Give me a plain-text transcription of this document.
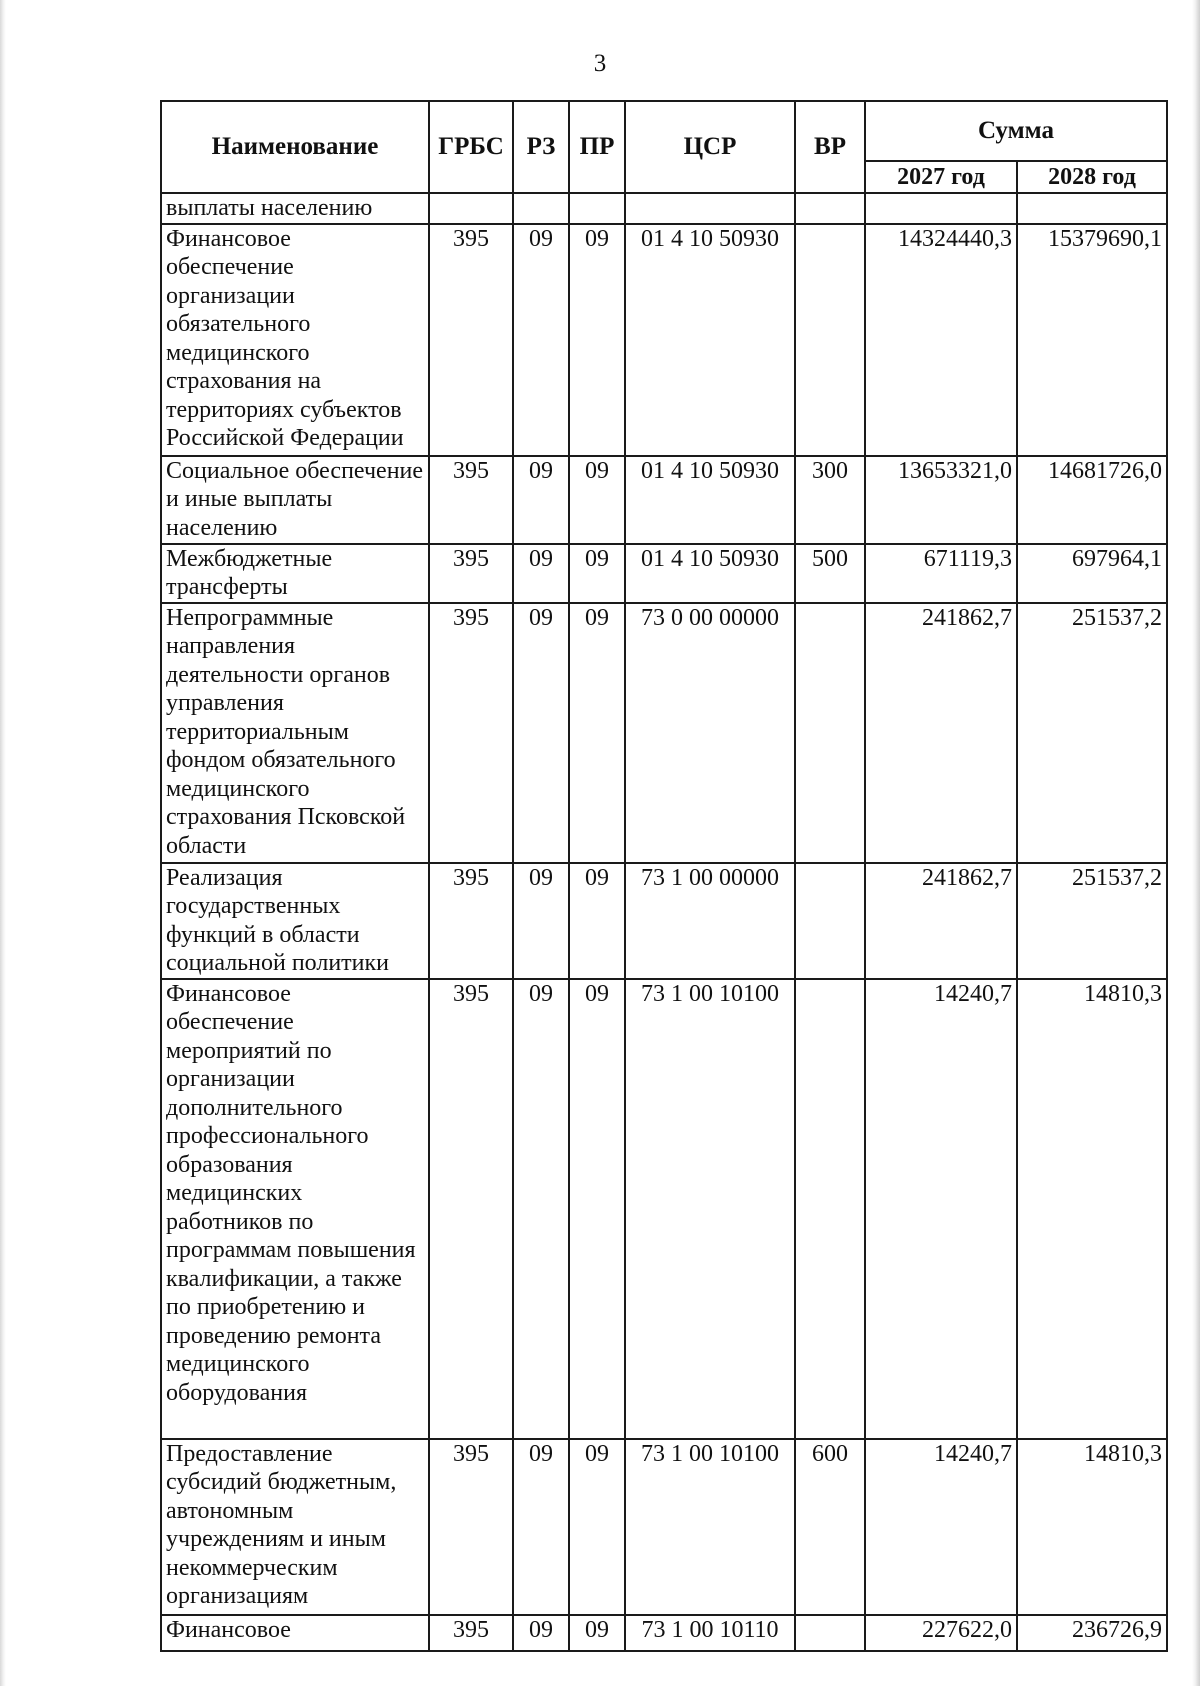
3
Наименование	ГРБС	РЗ	ПР	ЦСР	ВР	Сумма	
						2027 год	2028 год
выплаты населению							
Финансовое обеспечение организации обязательного медицинского страхования на территориях субъектов Российской Федерации	395	09	09	01 4 10 50930		14324440,3	15379690,1
Социальное обеспечение и иные выплаты населению	395	09	09	01 4 10 50930	300	13653321,0	14681726,0
Межбюджетные трансферты	395	09	09	01 4 10 50930	500	671119,3	697964,1
Непрограммные направления деятельности органов управления территориальным фондом обязательного медицинского страхования Псковской области	395	09	09	73 0 00 00000		241862,7	251537,2
Реализация государственных функций в области социальной политики	395	09	09	73 1 00 00000		241862,7	251537,2
Финансовое обеспечение мероприятий по организации дополнительного профессионального образования медицинских работников по программам повышения квалификации, а также по приобретению и проведению ремонта медицинского оборудования	395	09	09	73 1 00 10100		14240,7	14810,3
Предоставление субсидий бюджетным, автономным учреждениям и иным некоммерческим организациям	395	09	09	73 1 00 10100	600	14240,7	14810,3
Финансовое	395	09	09	73 1 00 10110		227622,0	236726,9
